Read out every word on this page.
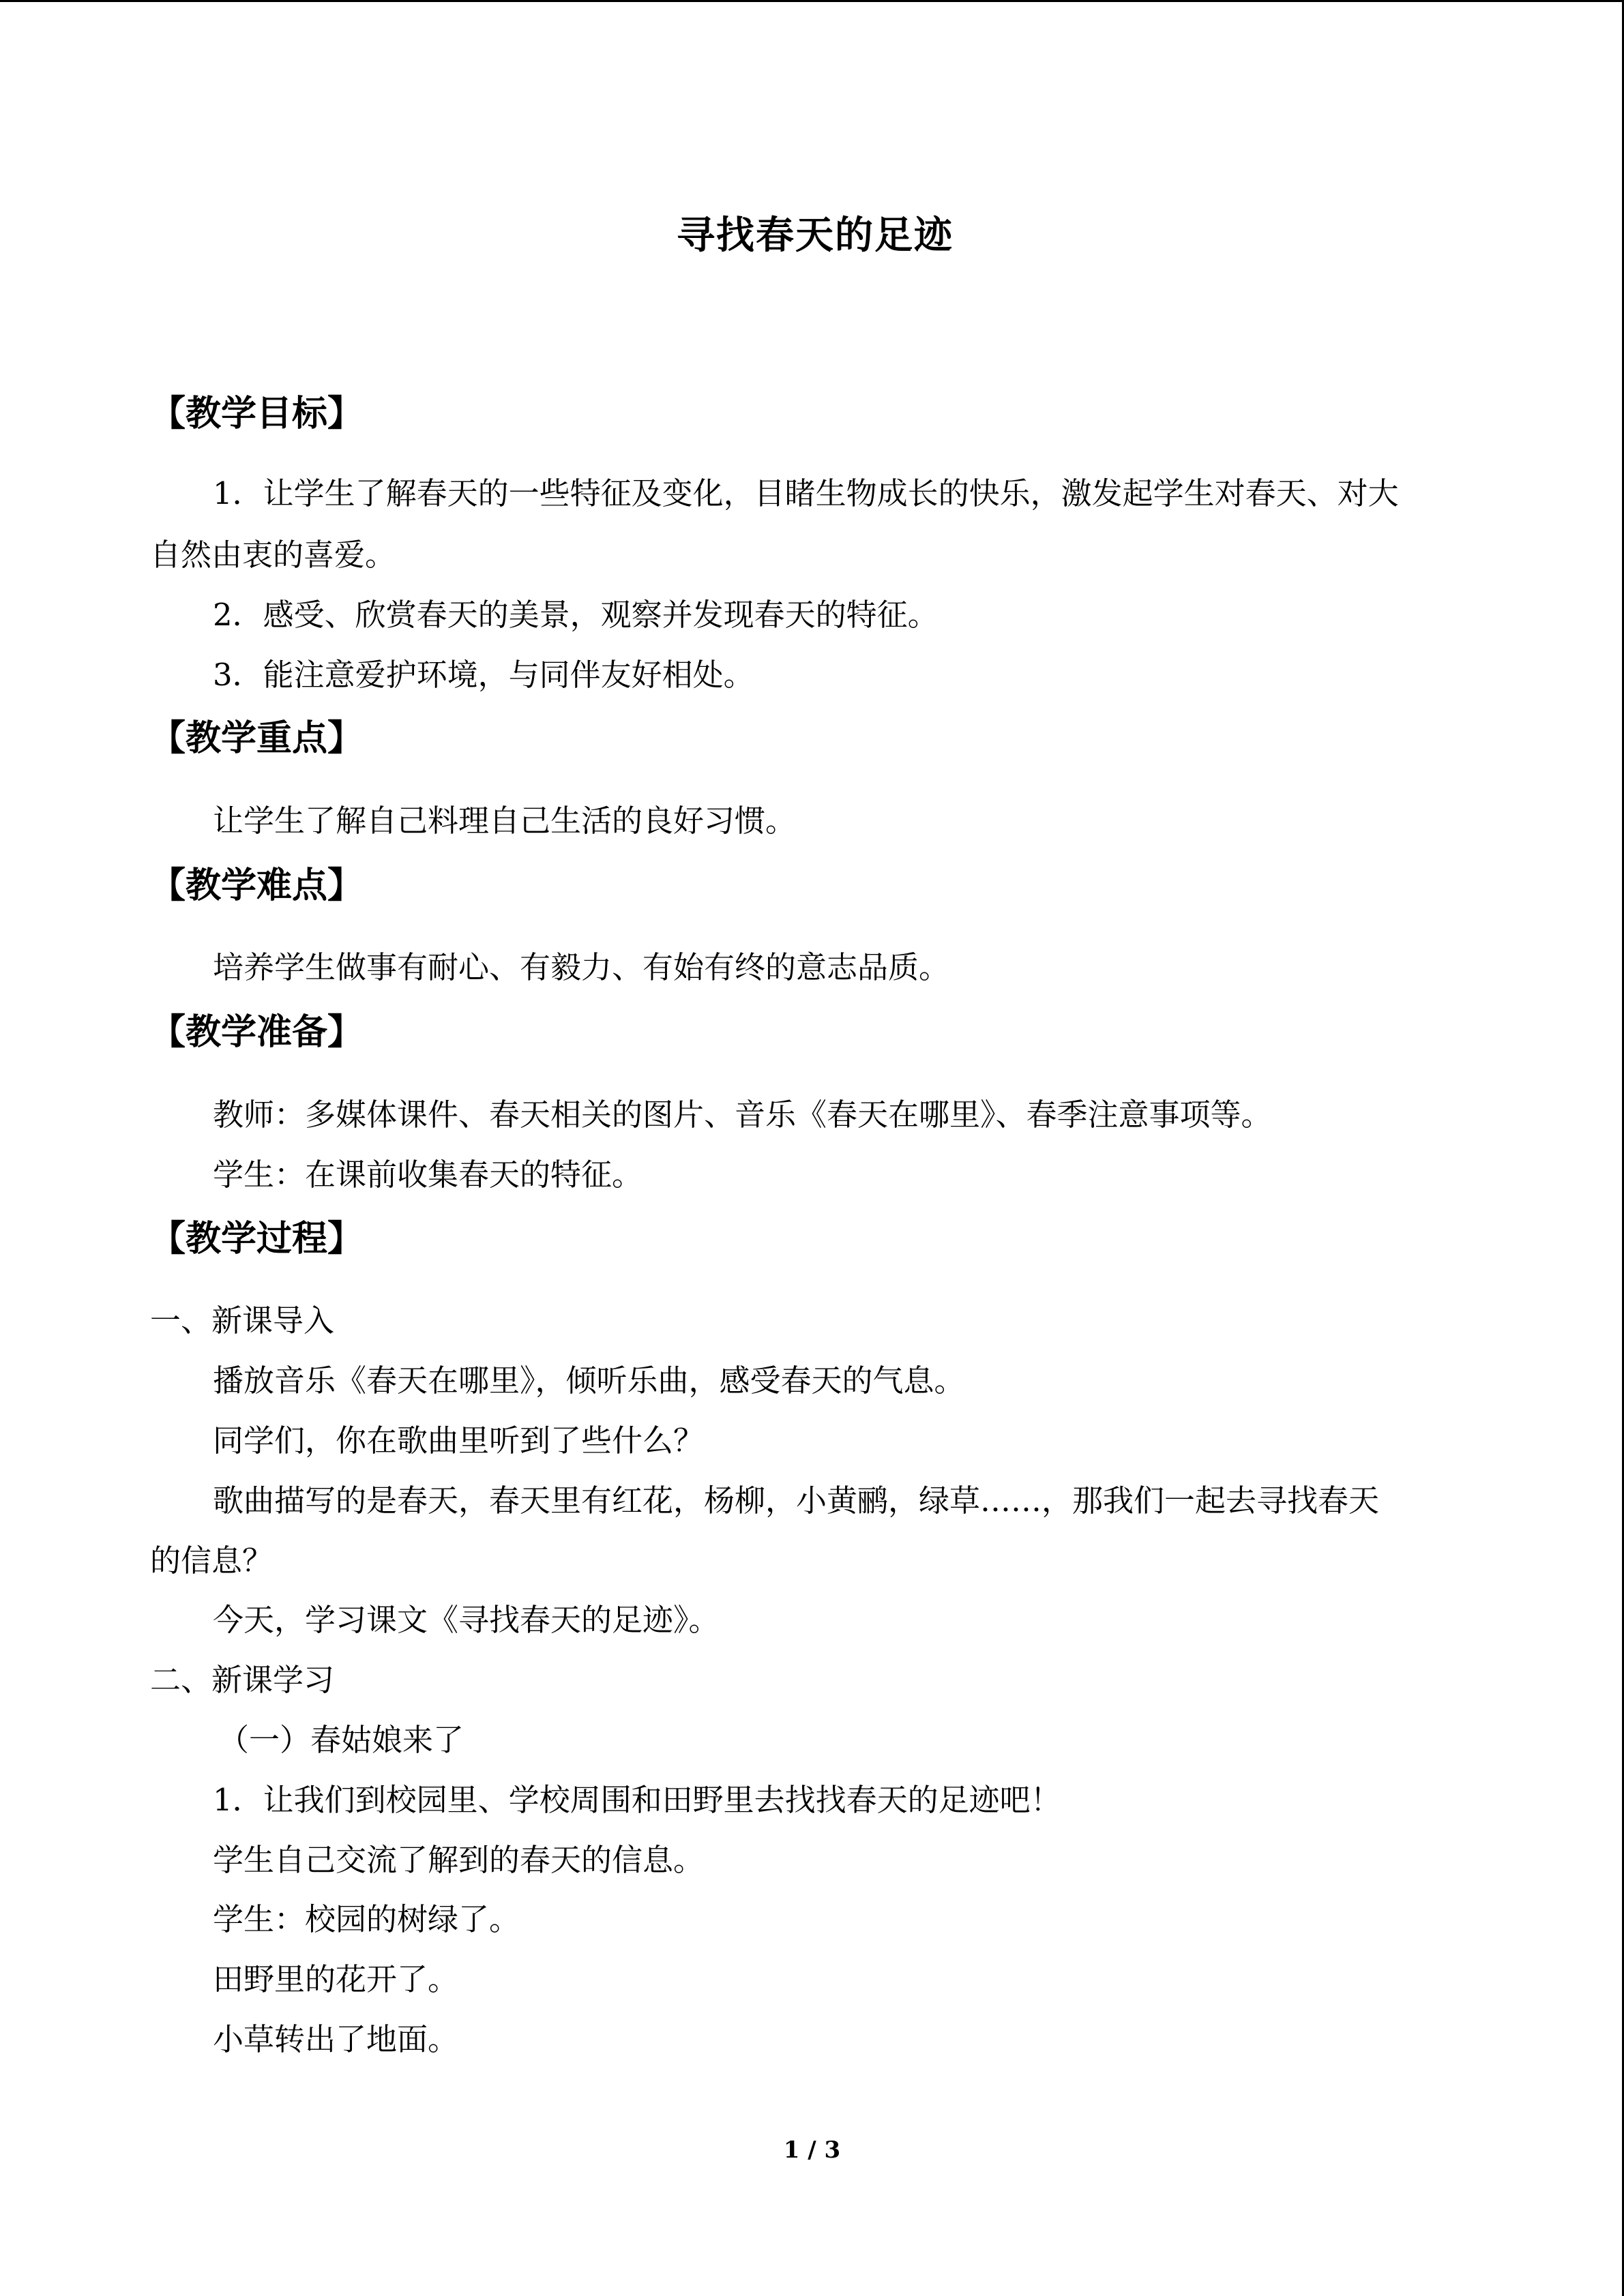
寻找春天的足迹
【教学目标】
1．让学生了解春天的一些特征及变化，目睹生物成长的快乐，激发起学生对春天、对大
自然由衷的喜爱。
2．感受、欣赏春天的美景，观察并发现春天的特征。
3．能注意爱护环境，与同伴友好相处。
【教学重点】
让学生了解自己料理自己生活的良好习惯。
【教学难点】
培养学生做事有耐心、有毅力、有始有终的意志品质。
【教学准备】
教师：多媒体课件、春天相关的图片、音乐《春天在哪里》、春季注意事项等。
学生：在课前收集春天的特征。
【教学过程】
一、新课导入
播放音乐《春天在哪里》，倾听乐曲，感受春天的气息。
同学们，你在歌曲里听到了些什么？
歌曲描写的是春天，春天里有红花，杨柳，小黄鹂，绿草……，那我们一起去寻找春天
的信息？
今天，学习课文《寻找春天的足迹》。
二、新课学习
（一）春姑娘来了
1．让我们到校园里、学校周围和田野里去找找春天的足迹吧！
学生自己交流了解到的春天的信息。
学生：校园的树绿了。
田野里的花开了。
小草转出了地面。
1 / 3
